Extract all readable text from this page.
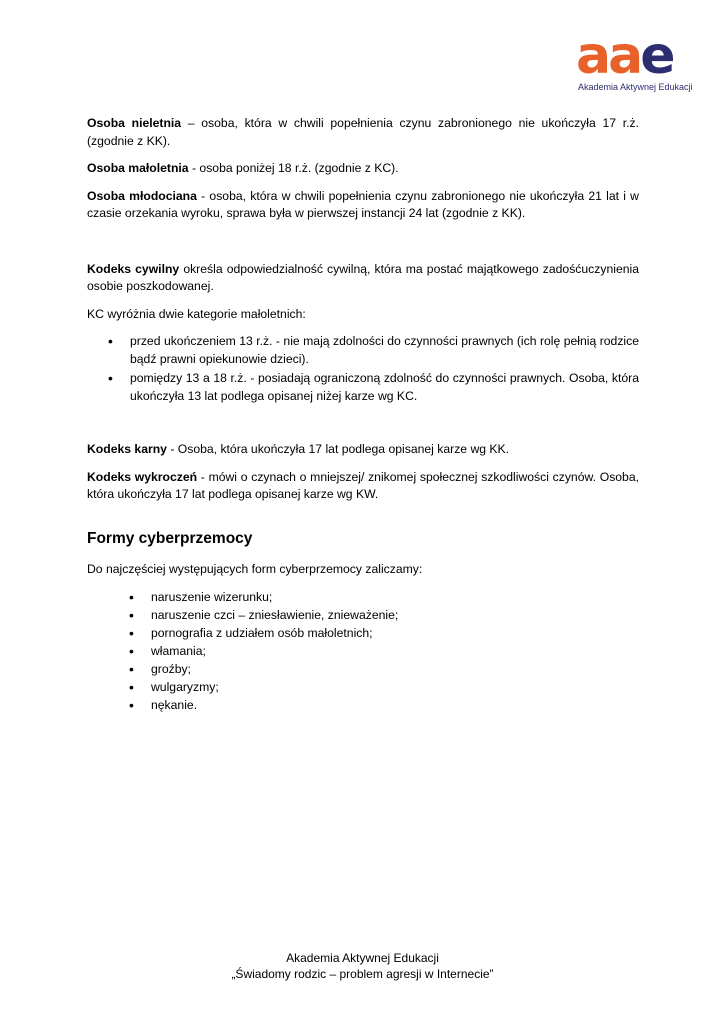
aae
Akademia Aktywnej Edukacji

Osoba nieletnia – osoba, która w chwili popełnienia czynu zabronionego nie ukończyła 17 r.ż. (zgodnie z KK).

Osoba małoletnia - osoba poniżej 18 r.ż. (zgodnie z KC).

Osoba młodociana - osoba, która w chwili popełnienia czynu zabronionego nie ukończyła 21 lat i w czasie orzekania wyroku, sprawa była w pierwszej instancji 24 lat (zgodnie z KK).

Kodeks cywilny określa odpowiedzialność cywilną, która ma postać majątkowego zadośćuczynienia osobie poszkodowanej.

KC wyróżnia dwie kategorie małoletnich:

• przed ukończeniem 13 r.ż. - nie mają zdolności do czynności prawnych (ich rolę pełnią rodzice bądź prawni opiekunowie dzieci).
• pomiędzy 13 a 18 r.ż. - posiadają ograniczoną zdolność do czynności prawnych. Osoba, która ukończyła 13 lat podlega opisanej niżej karze wg KC.

Kodeks karny - Osoba, która ukończyła 17 lat podlega opisanej karze wg KK.

Kodeks wykroczeń - mówi o czynach o mniejszej/ znikomej społecznej szkodliwości czynów. Osoba, która ukończyła 17 lat podlega opisanej karze wg KW.

Formy cyberprzemocy

Do najczęściej występujących form cyberprzemocy zaliczamy:

• naruszenie wizerunku;
• naruszenie czci – zniesławienie, znieważenie;
• pornografia z udziałem osób małoletnich;
• włamania;
• groźby;
• wulgaryzmy;
• nękanie.
Akademia Aktywnej Edukacji
„Świadomy rodzic – problem agresji w Internecie”
